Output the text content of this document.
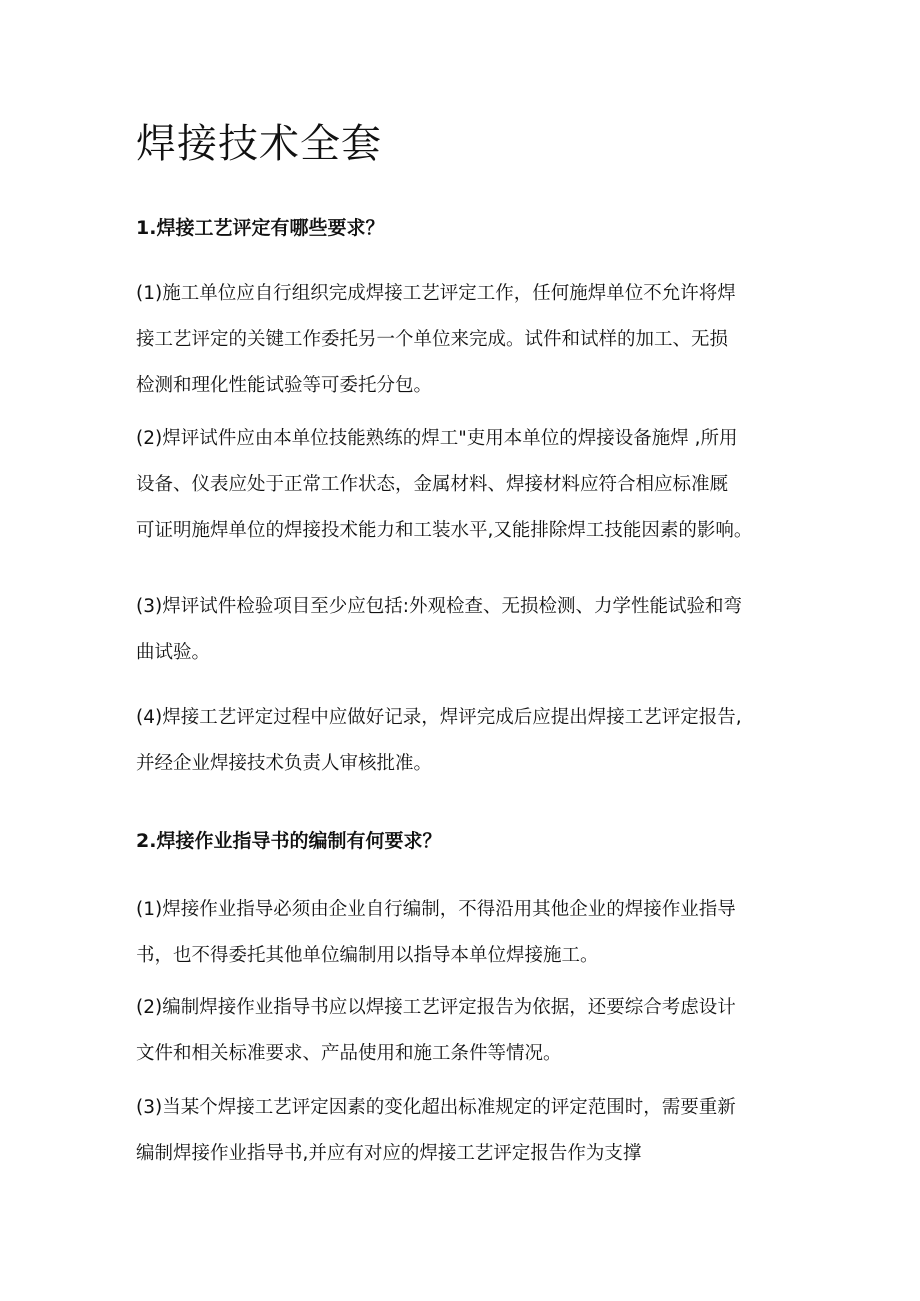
焊接技术全套
1.焊接工艺评定有哪些要求？

(1)施工单位应自行组织完成焊接工艺评定工作，任何施焊单位不允许将焊
接工艺评定的关键工作委托另一个单位来完成。试件和试样的加工、无损
检测和理化性能试验等可委托分包。

(2)焊评试件应由本单位技能熟练的焊工"吏用本单位的焊接设备施焊 ,所用
设备、仪表应处于正常工作状态，金属材料、焊接材料应符合相应标准厩
可证明施焊单位的焊接投术能力和工装水平,又能排除焊工技能因素的影响。

(3)焊评试件检验项目至少应包括:外观检查、无损检测、力学性能试验和弯
曲试验。

(4)焊接工艺评定过程中应做好记录，焊评完成后应提出焊接工艺评定报告,
并经企业焊接技术负责人审核批准。

2.焊接作业指导书的编制有何要求？

(1)焊接作业指导必须由企业自行编制，不得沿用其他企业的焊接作业指导
书，也不得委托其他单位编制用以指导本单位焊接施工。

(2)编制焊接作业指导书应以焊接工艺评定报告为依据，还要综合考虑设计
文件和相关标准要求、产品使用和施工条件等情况。

(3)当某个焊接工艺评定因素的变化超出标准规定的评定范围时，需要重新
编制焊接作业指导书,并应有对应的焊接工艺评定报告作为支撑
